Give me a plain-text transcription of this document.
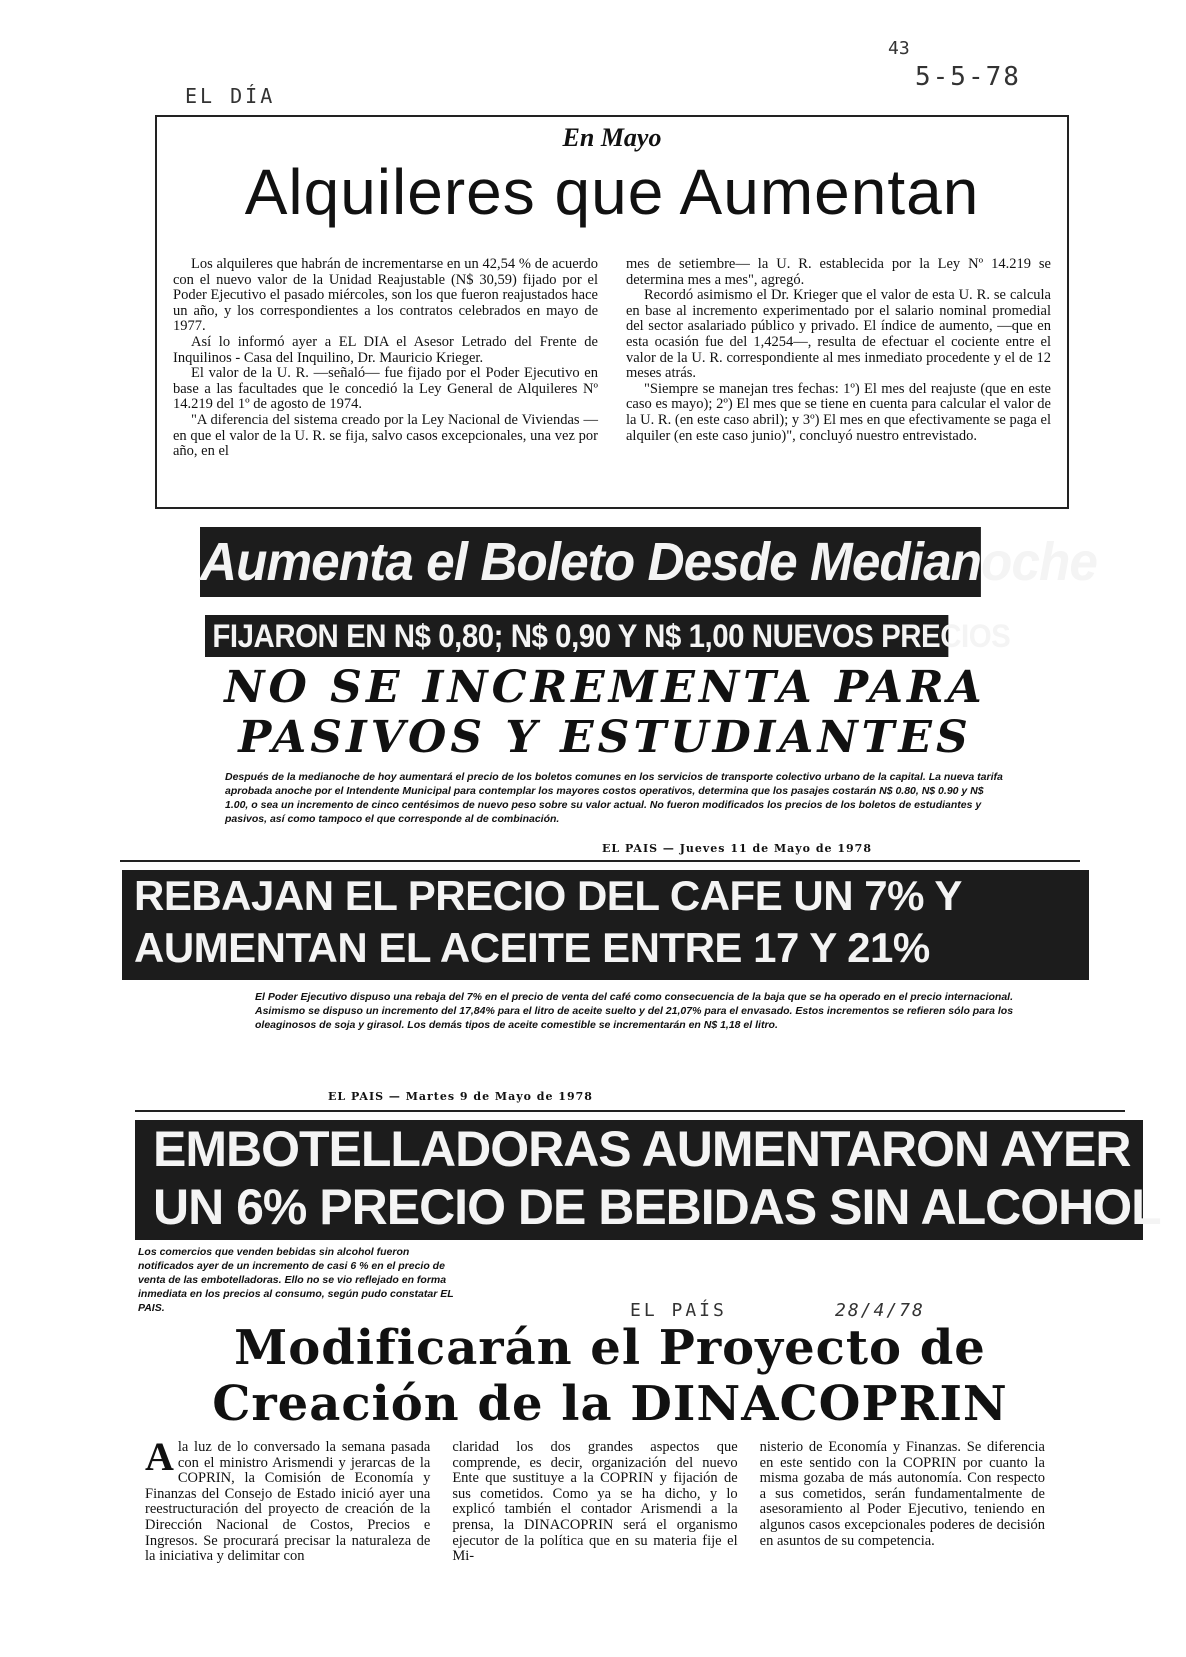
43
5-5-78
EL DÍA
En Mayo
Alquileres que Aumentan

Los alquileres que habrán de incrementarse en un 42,54 % de acuerdo con el nuevo valor de la Unidad Reajustable (N$ 30,59) fijado por el Poder Ejecutivo el pasado miércoles, son los que fueron reajustados hace un año, y los correspondientes a los contratos celebrados en mayo de 1977.

Así lo informó ayer a EL DIA el Asesor Letrado del Frente de Inquilinos - Casa del Inquilino, Dr. Mauricio Krieger.

El valor de la U. R. —señaló— fue fijado por el Poder Ejecutivo en base a las facultades que le concedió la Ley General de Alquileres Nº 14.219 del 1º de agosto de 1974.

"A diferencia del sistema creado por la Ley Nacional de Viviendas —en que el valor de la U. R. se fija, salvo casos excepcionales, una vez por año, en el

mes de setiembre— la U. R. establecida por la Ley Nº 14.219 se determina mes a mes", agregó.

Recordó asimismo el Dr. Krieger que el valor de esta U. R. se calcula en base al incremento experimentado por el salario nominal promedial del sector asalariado público y privado. El índice de aumento, —que en esta ocasión fue del 1,4254—, resulta de efectuar el cociente entre el valor de la U. R. correspondiente al mes inmediato procedente y el de 12 meses atrás.

"Siempre se manejan tres fechas: 1º) El mes del reajuste (que en este caso es mayo); 2º) El mes que se tiene en cuenta para calcular el valor de la U. R. (en este caso abril); y 3º) El mes en que efectivamente se paga el alquiler (en este caso junio)", concluyó nuestro entrevistado.

Aumenta el Boleto Desde Medianoche
FIJARON EN N$ 0,80; N$ 0,90 Y N$ 1,00 NUEVOS PRECIOS
NO SE INCREMENTA PARA
PASIVOS Y ESTUDIANTES
Después de la medianoche de hoy aumentará el precio de los boletos comunes en los servicios de transporte colectivo urbano de la capital. La nueva tarifa aprobada anoche por el Intendente Municipal para contemplar los mayores costos operativos, determina que los pasajes costarán N$ 0.80, N$ 0.90 y N$ 1.00, o sea un incremento de cinco centésimos de nuevo peso sobre su valor actual. No fueron modificados los precios de los boletos de estudiantes y pasivos, así como tampoco el que corresponde al de combinación.
EL PAIS — Jueves 11 de Mayo de 1978
REBAJAN EL PRECIO DEL CAFE UN 7% Y
AUMENTAN EL ACEITE ENTRE 17 Y 21%
El Poder Ejecutivo dispuso una rebaja del 7% en el precio de venta del café como consecuencia de la baja que se ha operado en el precio internacional. Asimismo se dispuso un incremento del 17,84% para el litro de aceite suelto y del 21,07% para el envasado. Estos incrementos se refieren sólo para los oleaginosos de soja y girasol. Los demás tipos de aceite comestible se incrementarán en N$ 1,18 el litro.
EL PAIS — Martes 9 de Mayo de 1978
EMBOTELLADORAS AUMENTARON AYER
UN 6% PRECIO DE BEBIDAS SIN ALCOHOL
Los comercios que venden bebidas sin alcohol fueron notificados ayer de un incremento de casi 6 % en el precio de venta de las embotelladoras. Ello no se vio reflejado en forma inmediata en los precios al consumo, según pudo constatar EL PAIS.	EL PAÍS	28/4/78
Modificarán el Proyecto de
Creación de la DINACOPRIN
A la luz de lo conversado la semana pasada con el ministro Arismendi y jerarcas de la COPRIN, la Comisión de Economía y Finanzas del Consejo de Estado inició ayer una reestructuración del proyecto de creación de la Dirección Nacional de Costos, Precios e Ingresos. Se procurará precisar la naturaleza de la iniciativa y delimitar con

claridad los dos grandes aspectos que comprende, es decir, organización del nuevo Ente que sustituye a la COPRIN y fijación de sus cometidos. Como ya se ha dicho, y lo explicó también el contador Arismendi a la prensa, la DINACOPRIN será el organismo ejecutor de la política que en su materia fije el Mi-

nisterio de Economía y Finanzas. Se diferencia en este sentido con la COPRIN por cuanto la misma gozaba de más autonomía. Con respecto a sus cometidos, serán fundamentalmente de asesoramiento al Poder Ejecutivo, teniendo en algunos casos excepcionales poderes de decisión en asuntos de su competencia.
